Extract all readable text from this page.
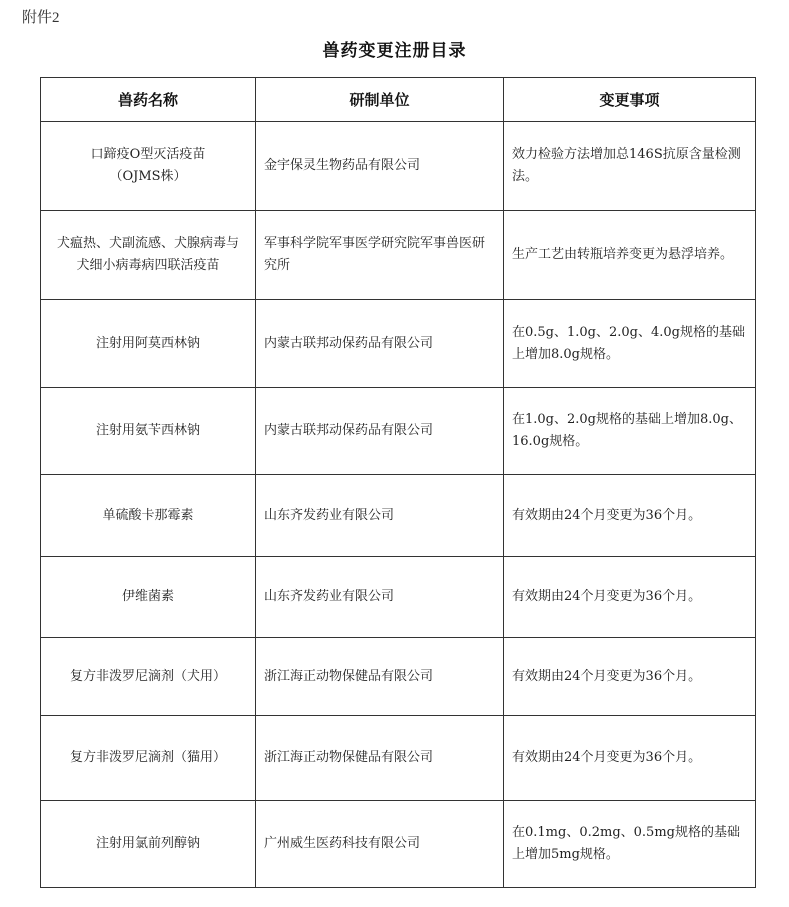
附件2
兽药变更注册目录
兽药名称	研制单位	变更事项

口蹄疫O型灭活疫苗
（OJMS株）	金宇保灵生物药品有限公司	效力检验方法增加总146S抗原含量检测法。

犬瘟热、犬副流感、犬腺病毒与
犬细小病毒病四联活疫苗	军事科学院军事医学研究院军事兽医研究所	生产工艺由转瓶培养变更为悬浮培养。

注射用阿莫西林钠	内蒙古联邦动保药品有限公司	在0.5g、1.0g、2.0g、4.0g规格的基础上增加8.0g规格。

注射用氨苄西林钠	内蒙古联邦动保药品有限公司	在1.0g、2.0g规格的基础上增加8.0g、16.0g规格。

单硫酸卡那霉素	山东齐发药业有限公司	有效期由24个月变更为36个月。

伊维菌素	山东齐发药业有限公司	有效期由24个月变更为36个月。

复方非泼罗尼滴剂（犬用）	浙江海正动物保健品有限公司	有效期由24个月变更为36个月。

复方非泼罗尼滴剂（猫用）	浙江海正动物保健品有限公司	有效期由24个月变更为36个月。

注射用氯前列醇钠	广州威生医药科技有限公司	在0.1mg、0.2mg、0.5mg规格的基础上增加5mg规格。
